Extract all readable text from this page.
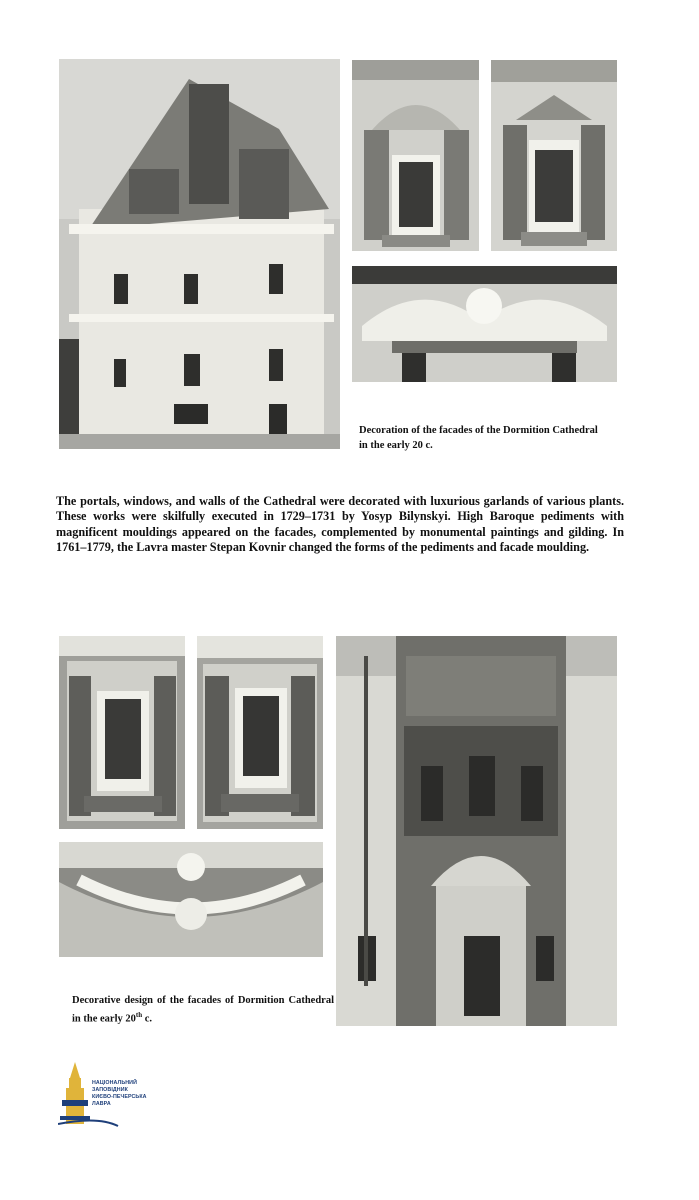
Decoration of the facades of the Dormition Cathedral in the early 20 c.
The portals, windows, and walls of the Cathedral were decorated with luxurious garlands of various plants. These works were skilfully executed in 1729–1731 by Yosyp Bilynskyi. High Baroque pediments with magnificent mouldings appeared on the facades, complemented by monumental paintings and gilding. In 1761–1779, the Lavra master Stepan Kovnir changed the forms of the pediments and facade moulding.
Decorative design of the facades of Dormition Cathedral in the early 20th c.
НАЦІОНАЛЬНИЙ
ЗАПОВІДНИК
КИЄВО-ПЕЧЕРСЬКА
ЛАВРА
